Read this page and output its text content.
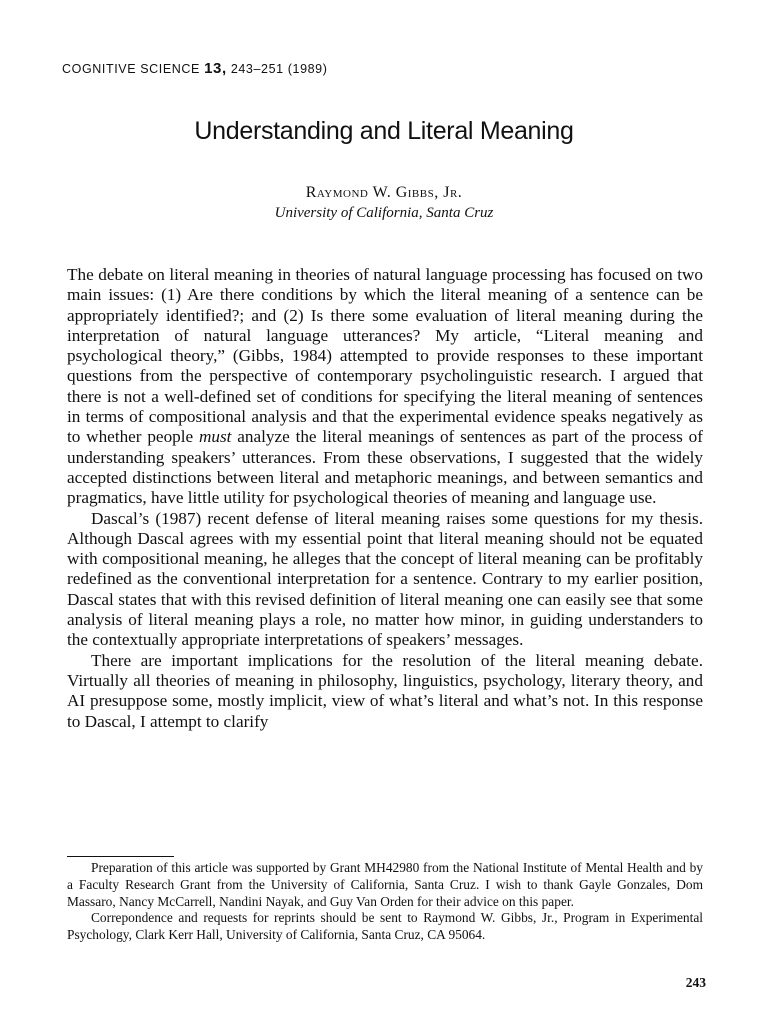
COGNITIVE SCIENCE 13, 243–251 (1989)
Understanding and Literal Meaning
Raymond W. Gibbs, Jr.
University of California, Santa Cruz

The debate on literal meaning in theories of natural language processing has focused on two main issues: (1) Are there conditions by which the literal meaning of a sentence can be appropriately identified?; and (2) Is there some evaluation of literal meaning during the interpretation of natural language utterances? My article, “Literal meaning and psychological theory,” (Gibbs, 1984) attempted to provide responses to these important questions from the perspective of contemporary psycholinguistic research. I argued that there is not a well-defined set of conditions for specifying the literal meaning of sentences in terms of compositional analysis and that the experimental evidence speaks negatively as to whether people must analyze the literal meanings of sentences as part of the process of understanding speakers’ utterances. From these observations, I suggested that the widely accepted distinctions between literal and metaphoric meanings, and between semantics and pragmatics, have little utility for psychological theories of meaning and language use.

Dascal’s (1987) recent defense of literal meaning raises some questions for my thesis. Although Dascal agrees with my essential point that literal meaning should not be equated with compositional meaning, he alleges that the concept of literal meaning can be profitably redefined as the conventional interpretation for a sentence. Contrary to my earlier position, Dascal states that with this revised definition of literal meaning one can easily see that some analysis of literal meaning plays a role, no matter how minor, in guiding understanders to the contextually appropriate interpretations of speakers’ messages.

There are important implications for the resolution of the literal meaning debate. Virtually all theories of meaning in philosophy, linguistics, psychology, literary theory, and AI presuppose some, mostly implicit, view of what’s literal and what’s not. In this response to Dascal, I attempt to clarify

Preparation of this article was supported by Grant MH42980 from the National Institute of Mental Health and by a Faculty Research Grant from the University of California, Santa Cruz. I wish to thank Gayle Gonzales, Dom Massaro, Nancy McCarrell, Nandini Nayak, and Guy Van Orden for their advice on this paper.

Correpondence and requests for reprints should be sent to Raymond W. Gibbs, Jr., Program in Experimental Psychology, Clark Kerr Hall, University of California, Santa Cruz, CA 95064.

243
